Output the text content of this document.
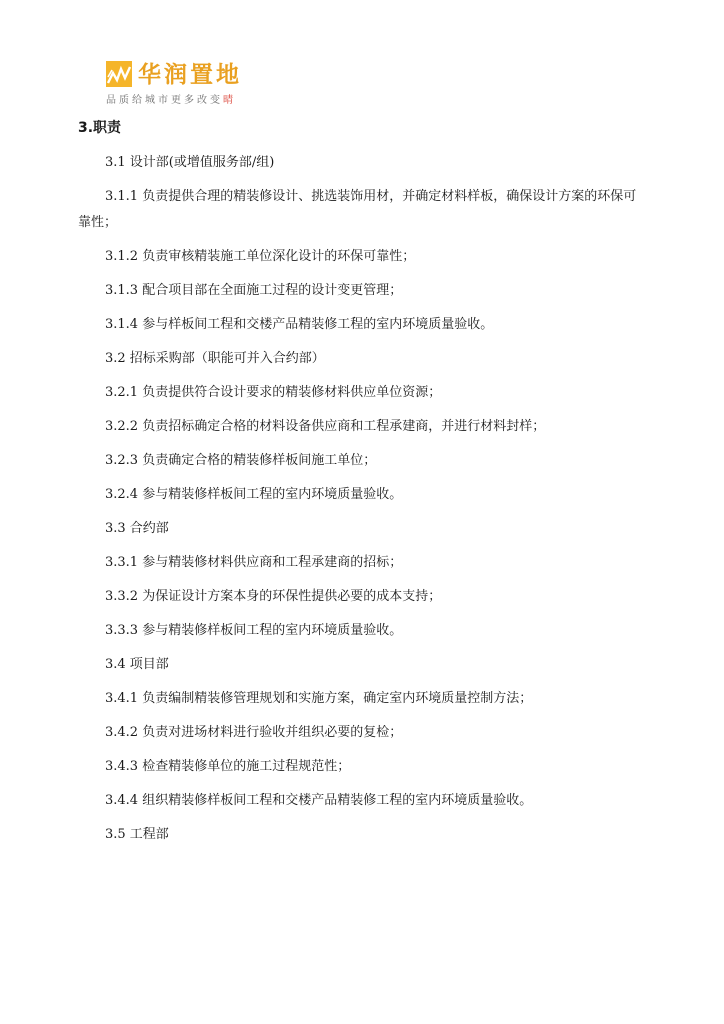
华润置地
品质给城市更多改变晴
3.职责

3.1 设计部(或增值服务部/组)

3.1.1 负责提供合理的精装修设计、挑选装饰用材，并确定材料样板，确保设计方案的环保可靠性；

3.1.2 负责审核精装施工单位深化设计的环保可靠性；

3.1.3 配合项目部在全面施工过程的设计变更管理；

3.1.4 参与样板间工程和交楼产品精装修工程的室内环境质量验收。

3.2 招标采购部（职能可并入合约部）

3.2.1 负责提供符合设计要求的精装修材料供应单位资源；

3.2.2 负责招标确定合格的材料设备供应商和工程承建商，并进行材料封样；

3.2.3 负责确定合格的精装修样板间施工单位；

3.2.4 参与精装修样板间工程的室内环境质量验收。

3.3 合约部

3.3.1 参与精装修材料供应商和工程承建商的招标；

3.3.2 为保证设计方案本身的环保性提供必要的成本支持；

3.3.3 参与精装修样板间工程的室内环境质量验收。

3.4 项目部

3.4.1 负责编制精装修管理规划和实施方案，确定室内环境质量控制方法；

3.4.2 负责对进场材料进行验收并组织必要的复检；

3.4.3 检查精装修单位的施工过程规范性；

3.4.4 组织精装修样板间工程和交楼产品精装修工程的室内环境质量验收。

3.5 工程部
